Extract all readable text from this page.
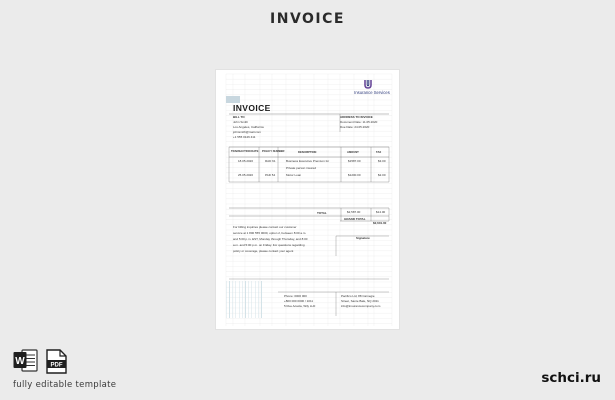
INVOICE
Insurance Services
INVOICE
BILL TO
John Smith
Los Angeles, California
johnsmith@mail.com
+1 555 0146 411
ADDRESS TO INVOICE
Document Date: 11.05.2020
Due Date: 24.05.2020
TRANSACTION DATE POLICY NUMBER	DESCRIPTION	AMOUNT	TAX
18.05.2020	RAD 61	Business Executive Premium for	$1587.00	$3.00
Private person insured
25.05.2020	PAD 54	Motor Loan	$1200.00	$2.00
TOTAL	$2,587.00	$14.00
GRAND TOTAL
$2,601.00
For billing inquiries please contact our customer
service at 1 800 555 0000, option 2, between 8:00 a.m.
and 5:00 p.m. EST, Monday through Thursday, and 8:00
a.m. and 5:00 p.m. on Friday. For questions regarding
policy or coverage, please contact your agent
Signature
Phone: 0000 000
+800 000 0000 / 1011
5 Rue Acacia, Wily LLD
Pacifico Ltd, 88 Carnegie
Street, Sante Bale, NQ 2011
info@insurancecompany.com
W	PDF
fully editable template	schci.ru
